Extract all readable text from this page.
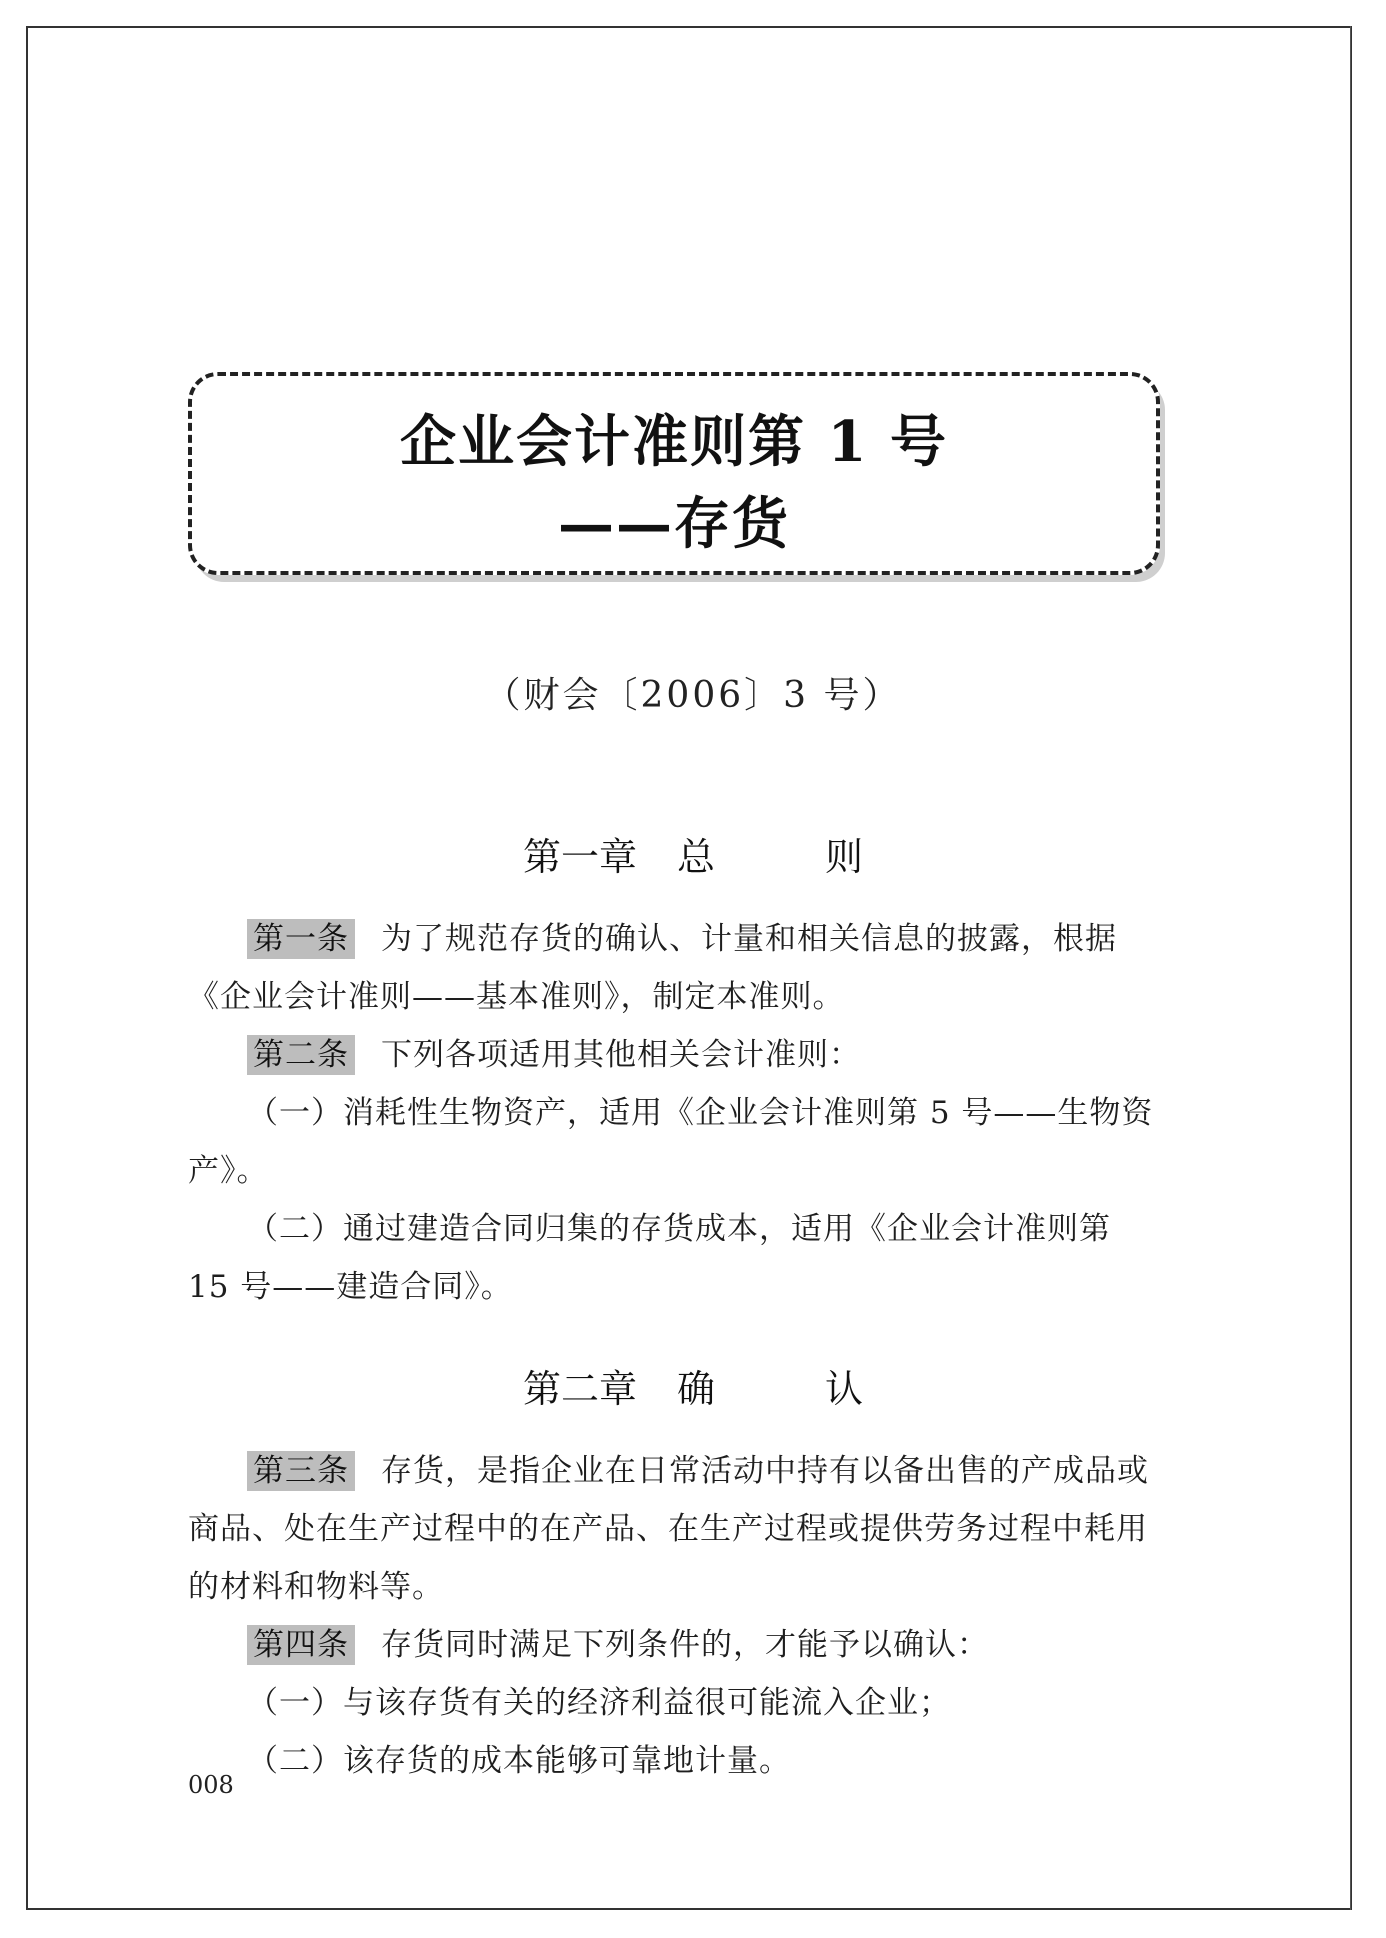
企业会计准则第 1 号
——存货
（财会〔2006〕3 号）
第一章 总	则

第一条 为了规范存货的确认、计量和相关信息的披露，根据《企业会计准则——基本准则》，制定本准则。

第二条 下列各项适用其他相关会计准则：

（一）消耗性生物资产，适用《企业会计准则第 5 号——生物资产》。

（二）通过建造合同归集的存货成本，适用《企业会计准则第 15 号——建造合同》。

第二章 确	认

第三条 存货，是指企业在日常活动中持有以备出售的产成品或商品、处在生产过程中的在产品、在生产过程或提供劳务过程中耗用的材料和物料等。

第四条 存货同时满足下列条件的，才能予以确认：

（一）与该存货有关的经济利益很可能流入企业；

（二）该存货的成本能够可靠地计量。

008
